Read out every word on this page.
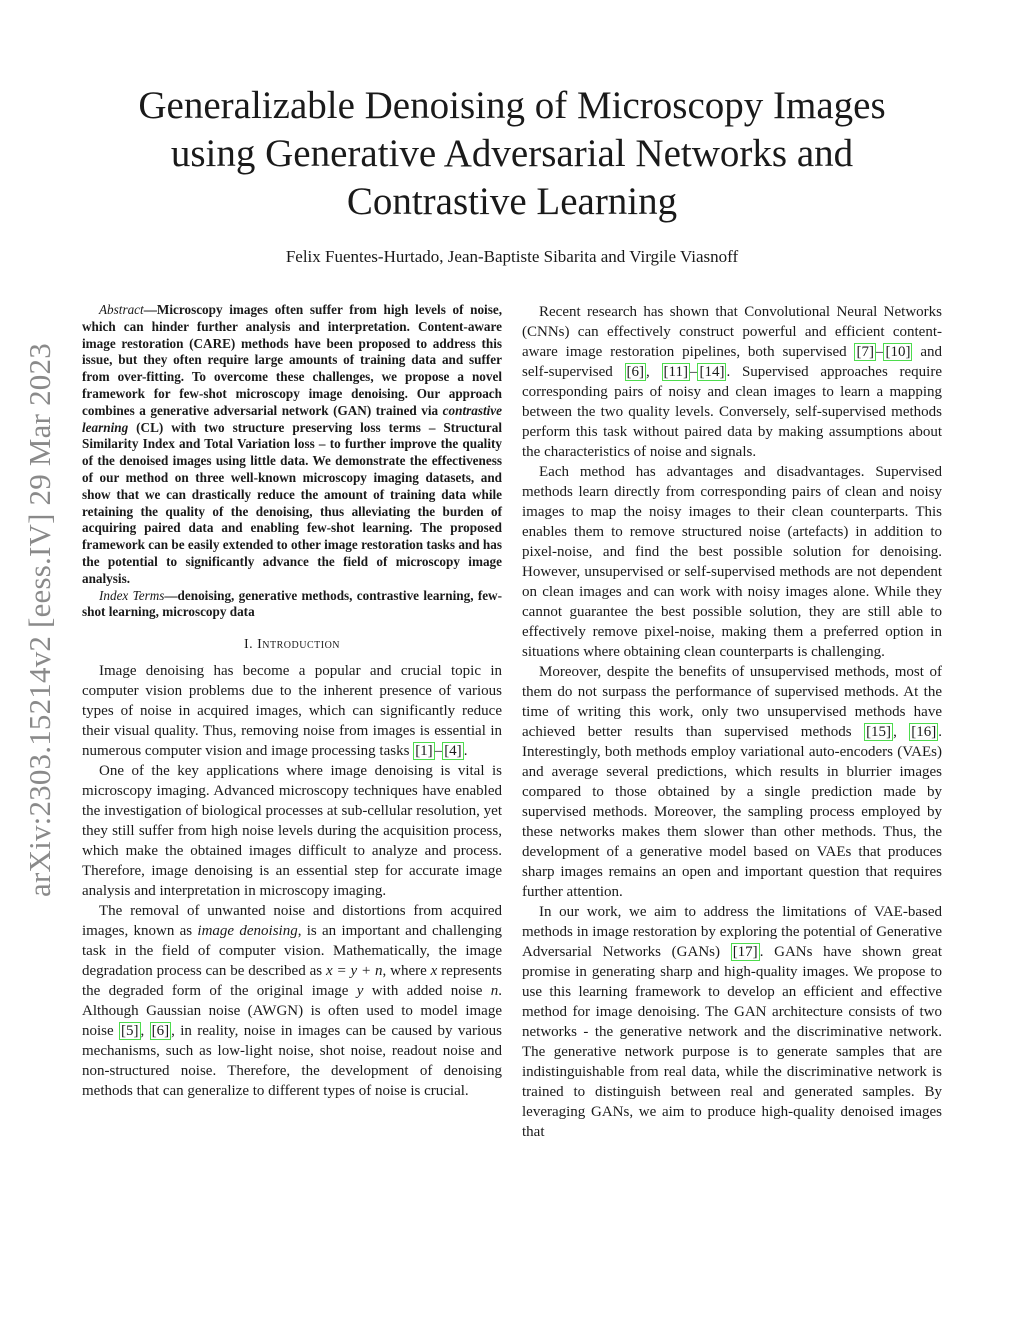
arXiv:2303.15214v2 [eess.IV] 29 Mar 2023
Generalizable Denoising of Microscopy Images
using Generative Adversarial Networks and
Contrastive Learning
Felix Fuentes-Hurtado, Jean-Baptiste Sibarita and Virgile Viasnoff

Abstract—Microscopy images often suffer from high levels of noise, which can hinder further analysis and interpretation. Content-aware image restoration (CARE) methods have been proposed to address this issue, but they often require large amounts of training data and suffer from over-fitting. To overcome these challenges, we propose a novel framework for few-shot microscopy image denoising. Our approach combines a generative adversarial network (GAN) trained via contrastive learning (CL) with two structure preserving loss terms – Structural Similarity Index and Total Variation loss – to further improve the quality of the denoised images using little data. We demonstrate the effectiveness of our method on three well-known microscopy imaging datasets, and show that we can drastically reduce the amount of training data while retaining the quality of the denoising, thus alleviating the burden of acquiring paired data and enabling few-shot learning. The proposed framework can be easily extended to other image restoration tasks and has the potential to significantly advance the field of microscopy image analysis.

Index Terms—denoising, generative methods, contrastive learning, few-shot learning, microscopy data

I. Introduction

Image denoising has become a popular and crucial topic in computer vision problems due to the inherent presence of various types of noise in acquired images, which can significantly reduce their visual quality. Thus, removing noise from images is essential in numerous computer vision and image processing tasks [1] – [4] .

One of the key applications where image denoising is vital is microscopy imaging. Advanced microscopy techniques have enabled the investigation of biological processes at sub-cellular resolution, yet they still suffer from high noise levels during the acquisition process, which make the obtained images difficult to analyze and process. Therefore, image denoising is an essential step for accurate image analysis and interpretation in microscopy imaging.

The removal of unwanted noise and distortions from acquired images, known as image denoising, is an important and challenging task in the field of computer vision. Mathematically, the image degradation process can be described as x = y + n, where x represents the degraded form of the original image y with added noise n. Although Gaussian noise (AWGN) is often used to model image noise [5] , [6] , in reality, noise in images can be caused by various mechanisms, such as low-light noise, shot noise, readout noise and non-structured noise. Therefore, the development of denoising methods that can generalize to different types of noise is crucial.

Recent research has shown that Convolutional Neural Networks (CNNs) can effectively construct powerful and efficient content-aware image restoration pipelines, both supervised [7] – [10] and self-supervised [6] , [11] – [14] . Supervised approaches require corresponding pairs of noisy and clean images to learn a mapping between the two quality levels. Conversely, self-supervised methods perform this task without paired data by making assumptions about the characteristics of noise and signals.

Each method has advantages and disadvantages. Supervised methods learn directly from corresponding pairs of clean and noisy images to map the noisy images to their clean counterparts. This enables them to remove structured noise (artefacts) in addition to pixel-noise, and find the best possible solution for denoising. However, unsupervised or self-supervised methods are not dependent on clean images and can work with noisy images alone. While they cannot guarantee the best possible solution, they are still able to effectively remove pixel-noise, making them a preferred option in situations where obtaining clean counterparts is challenging.

Moreover, despite the benefits of unsupervised methods, most of them do not surpass the performance of supervised methods. At the time of writing this work, only two unsupervised methods have achieved better results than supervised methods [15] , [16] . Interestingly, both methods employ variational auto-encoders (VAEs) and average several predictions, which results in blurrier images compared to those obtained by a single prediction made by supervised methods. Moreover, the sampling process employed by these networks makes them slower than other methods. Thus, the development of a generative model based on VAEs that produces sharp images remains an open and important question that requires further attention.

In our work, we aim to address the limitations of VAE-based methods in image restoration by exploring the potential of Generative Adversarial Networks (GANs) [17] . GANs have shown great promise in generating sharp and high-quality images. We propose to use this learning framework to develop an efficient and effective method for image denoising. The GAN architecture consists of two networks - the generative network and the discriminative network. The generative network purpose is to generate samples that are indistinguishable from real data, while the discriminative network is trained to distinguish between real and generated samples. By leveraging GANs, we aim to produce high-quality denoised images that
